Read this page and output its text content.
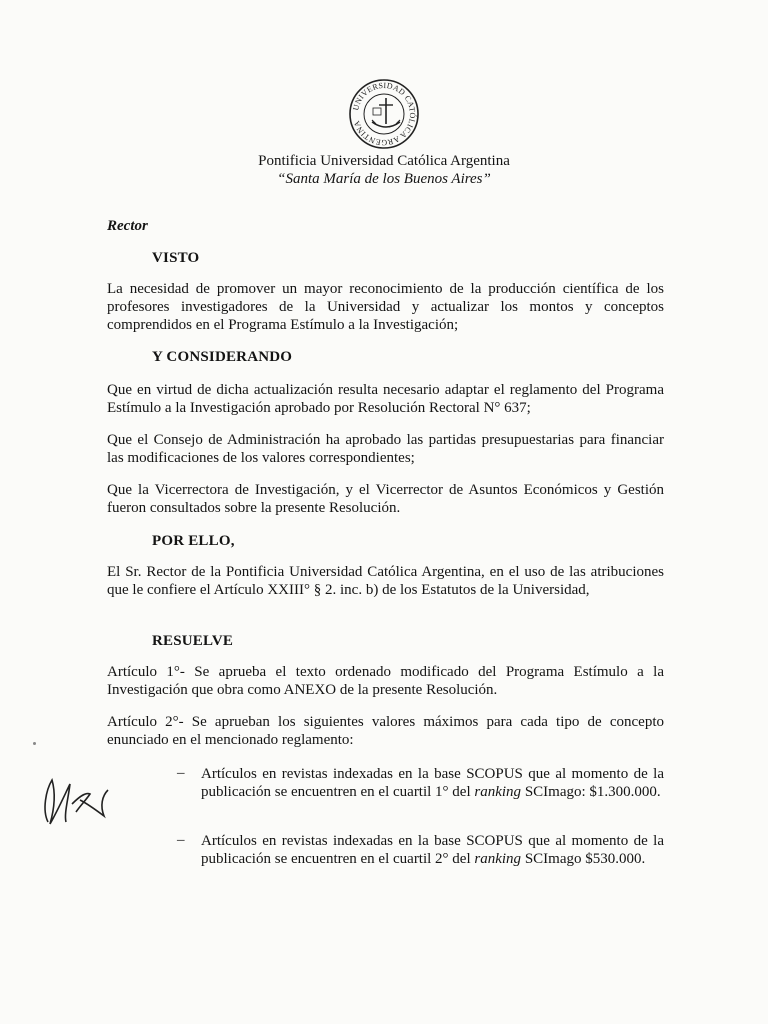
UNIVERSIDAD CATÓLICA ARGENTINA
Pontificia Universidad Católica Argentina
“Santa María de los Buenos Aires”
Rector
VISTO
La necesidad de promover un mayor reconocimiento de la producción científica de los profesores investigadores de la Universidad y actualizar los montos y conceptos comprendidos en el Programa Estímulo a la Investigación;
Y CONSIDERANDO
Que en virtud de dicha actualización resulta necesario adaptar el reglamento del Programa Estímulo a la Investigación aprobado por Resolución Rectoral N° 637;
Que el Consejo de Administración ha aprobado las partidas presupuestarias para financiar las modificaciones de los valores correspondientes;
Que la Vicerrectora de Investigación, y el Vicerrector de Asuntos Económicos y Gestión fueron consultados sobre la presente Resolución.
POR ELLO,
El Sr. Rector de la Pontificia Universidad Católica Argentina, en el uso de las atribuciones que le confiere el Artículo XXIII° § 2. inc. b) de los Estatutos de la Universidad,
RESUELVE
Artículo 1°- Se aprueba el texto ordenado modificado del Programa Estímulo a la Investigación que obra como ANEXO de la presente Resolución.
Artículo 2°- Se aprueban los siguientes valores máximos para cada tipo de concepto enunciado en el mencionado reglamento:
– Artículos en revistas indexadas en la base SCOPUS que al momento de la publicación se encuentren en el cuartil 1° del ranking SCImago: $1.300.000.
– Artículos en revistas indexadas en la base SCOPUS que al momento de la publicación se encuentren en el cuartil 2° del ranking SCImago $530.000.
